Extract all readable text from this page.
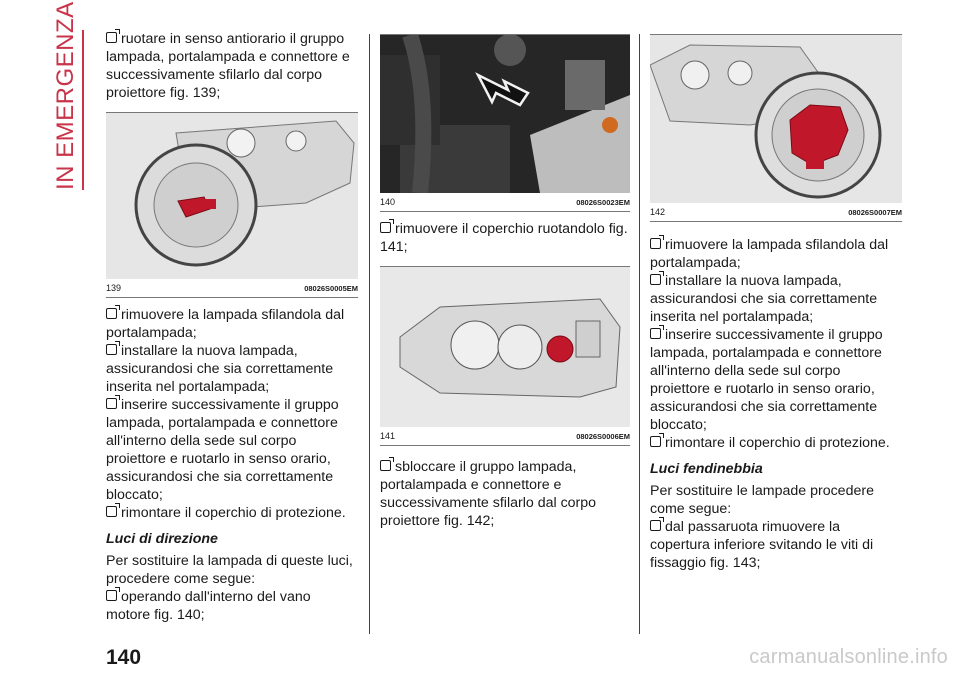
IN EMERGENZA	ruotare in senso antiorario il gruppo lampada, portalampada e connettore e successivamente sfilarlo dal corpo proiettore fig. 139;

139	08026S0005EM

rimuovere la lampada sfilandola dal portalampada;

installare la nuova lampada, assicurandosi che sia correttamente inserita nel portalampada;

inserire successivamente il gruppo lampada, portalampada e connettore all'interno della sede sul corpo proiettore e ruotarlo in senso orario, assicurandosi che sia correttamente bloccato;

rimontare il coperchio di protezione.

Luci di direzione

Per sostituire la lampada di queste luci, procedere come segue:

operando dall'interno del vano motore fig. 140;

140	08026S0023EM

rimuovere il coperchio ruotandolo fig. 141;

141	08026S0006EM

sbloccare il gruppo lampada, portalampada e connettore e successivamente sfilarlo dal corpo proiettore fig. 142;

142	08026S0007EM

rimuovere la lampada sfilandola dal portalampada;

installare la nuova lampada, assicurandosi che sia correttamente inserita nel portalampada;

inserire successivamente il gruppo lampada, portalampada e connettore all'interno della sede sul corpo proiettore e ruotarlo in senso orario, assicurandosi che sia correttamente bloccato;

rimontare il coperchio di protezione.

Luci fendinebbia

Per sostituire le lampade procedere come segue:

dal passaruota rimuovere la copertura inferiore svitando le viti di fissaggio fig. 143;

140	carmanualsonline.info
